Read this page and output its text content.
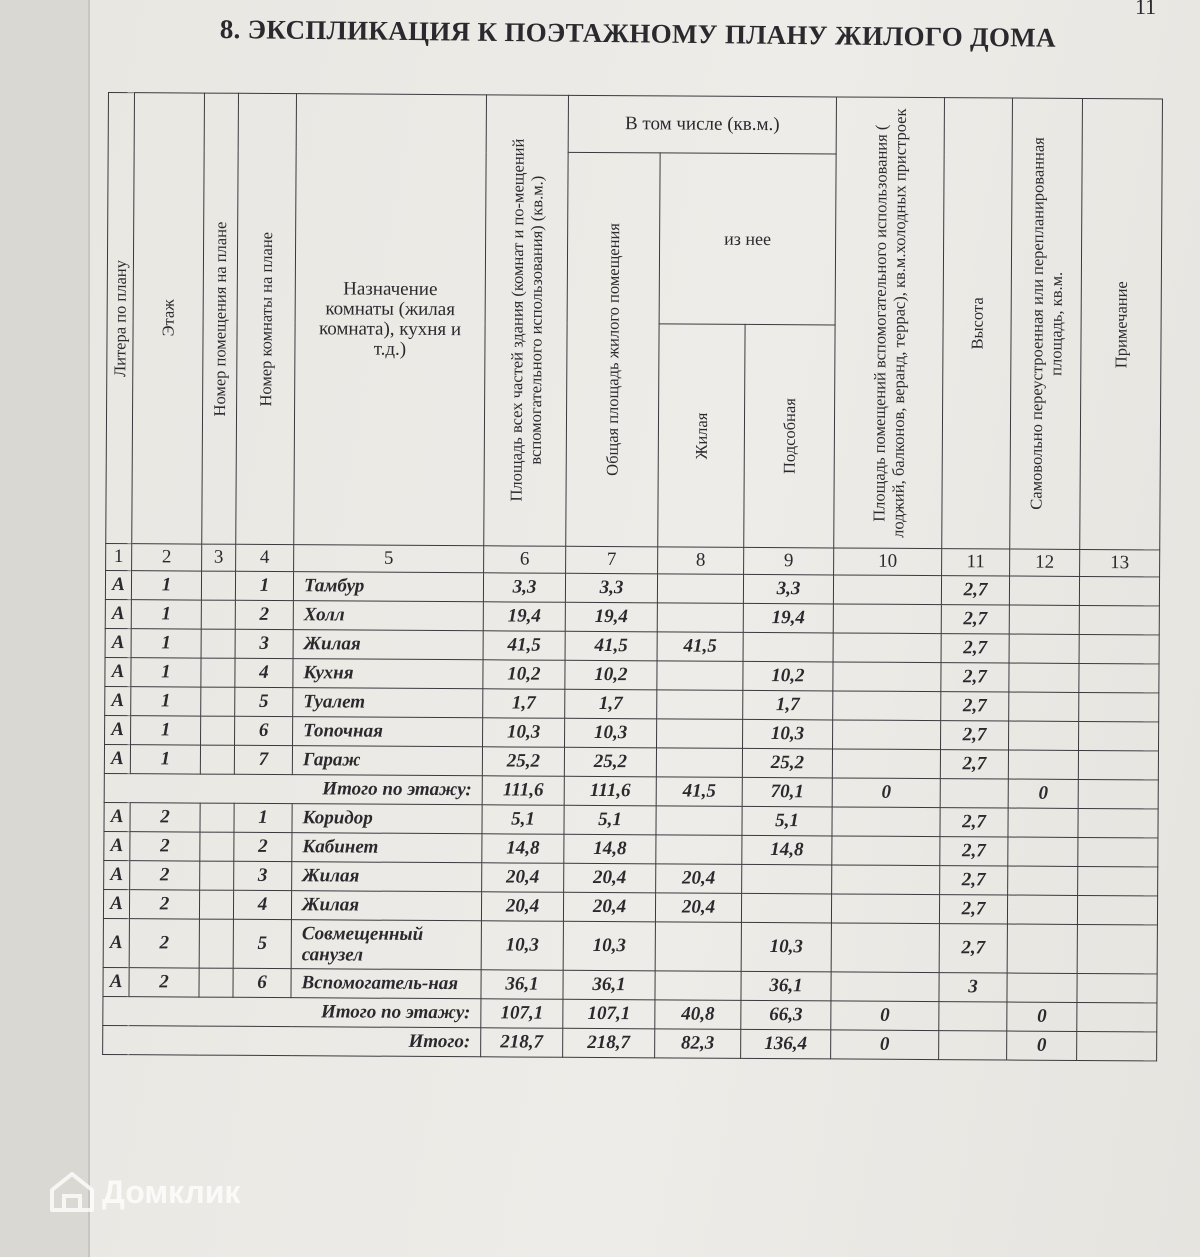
11
8. ЭКСПЛИКАЦИЯ К ПОЭТАЖНОМУ ПЛАНУ ЖИЛОГО ДОМА
Литера по плану	Этаж	Номер помещения на плане	Номер комнаты на плане	Назначение комнаты (жилая комната), кухня и т.д.)	Площадь всех частей здания (комнат и по-мещений вспомогательного использования) (кв.м.)	В том числе (кв.м.)			Площадь помещений вспомогательного использования ( лоджий, балконов, веранд, террас), кв.м.холодных пристроек	Высота	Самовольно переустроенная или перепланированная площадь, кв.м.	Примечание

						Общая площадь жилого помещения	из нее					

							Жилая	Подсобная				

1	2	3	4	5	6	7	8	9	10	11	12	13
А	1		1	Тамбур	3,3	3,3		3,3		2,7		
А	1		2	Холл	19,4	19,4		19,4		2,7		
А	1		3	Жилая	41,5	41,5	41,5			2,7		
А	1		4	Кухня	10,2	10,2		10,2		2,7		
А	1		5	Туалет	1,7	1,7		1,7		2,7		
А	1		6	Топочная	10,3	10,3		10,3		2,7		
А	1		7	Гараж	25,2	25,2		25,2		2,7		
Итого по этажу:					111,6	111,6	41,5	70,1	0		0	
А	2		1	Коридор	5,1	5,1		5,1		2,7		
А	2		2	Кабинет	14,8	14,8		14,8		2,7		
А	2		3	Жилая	20,4	20,4	20,4			2,7		
А	2		4	Жилая	20,4	20,4	20,4			2,7		
А	2		5	Совмещенный санузел	10,3	10,3		10,3		2,7		
А	2		6	Вспомогатель-ная	36,1	36,1		36,1		3		
Итого по этажу:					107,1	107,1	40,8	66,3	0		0	
Итого:					218,7	218,7	82,3	136,4	0		0	
Домклик
